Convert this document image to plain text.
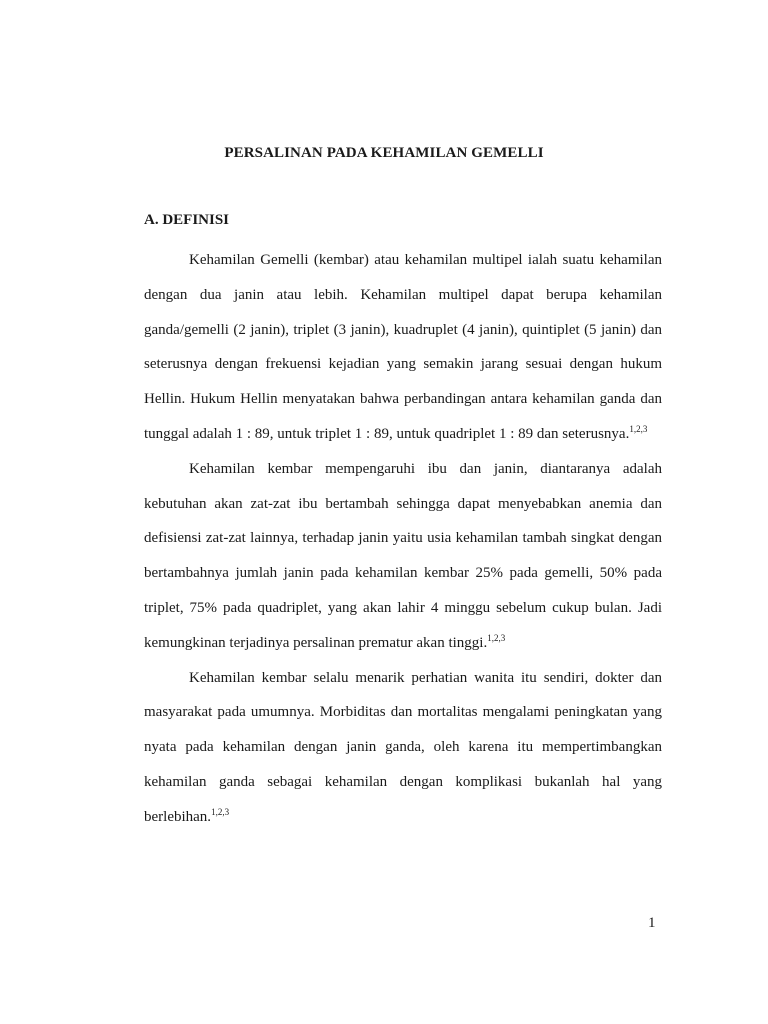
PERSALINAN PADA KEHAMILAN GEMELLI
A. DEFINISI

Kehamilan Gemelli (kembar) atau kehamilan multipel ialah suatu kehamilan dengan dua janin atau lebih. Kehamilan multipel dapat berupa kehamilan ganda/gemelli (2 janin), triplet (3 janin), kuadruplet (4 janin), quintiplet (5 janin) dan seterusnya dengan frekuensi kejadian yang semakin jarang sesuai dengan hukum Hellin. Hukum Hellin menyatakan bahwa perbandingan antara kehamilan ganda dan tunggal adalah 1 : 89, untuk triplet 1 : 89, untuk quadriplet 1 : 89 dan seterusnya.$^{1,2,3}$

Kehamilan kembar mempengaruhi ibu dan janin, diantaranya adalah kebutuhan akan zat-zat ibu bertambah sehingga dapat menyebabkan anemia dan defisiensi zat-zat lainnya, terhadap janin yaitu usia kehamilan tambah singkat dengan bertambahnya jumlah janin pada kehamilan kembar 25% pada gemelli, 50% pada triplet, 75% pada quadriplet, yang akan lahir 4 minggu sebelum cukup bulan. Jadi kemungkinan terjadinya persalinan prematur akan tinggi.$^{1,2,3}$

Kehamilan kembar selalu menarik perhatian wanita itu sendiri, dokter dan masyarakat pada umumnya. Morbiditas dan mortalitas mengalami peningkatan yang nyata pada kehamilan dengan janin ganda, oleh karena itu mempertimbangkan kehamilan ganda sebagai kehamilan dengan komplikasi bukanlah hal yang berlebihan.$^{1,2,3}$

1
